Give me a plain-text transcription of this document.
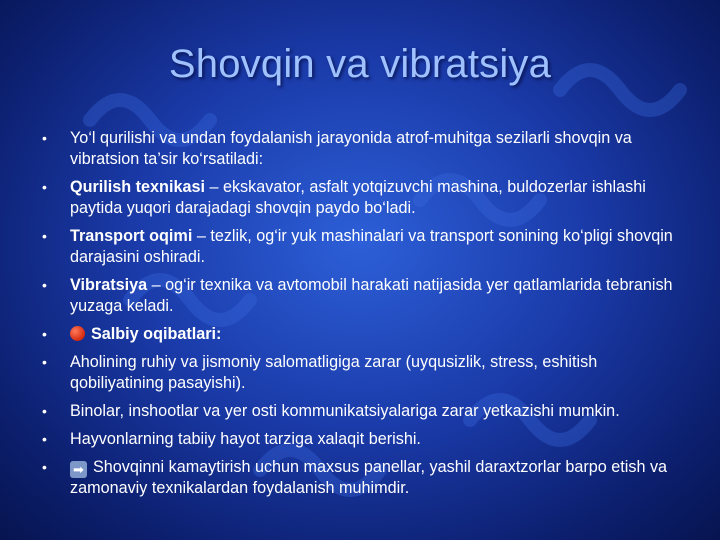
Shovqin va vibratsiya
• Yo‘l qurilishi va undan foydalanish jarayonida atrof-muhitga sezilarli shovqin va vibratsion ta’sir ko‘rsatiladi:
• Qurilish texnikasi – ekskavator, asfalt yotqizuvchi mashina, buldozerlar ishlashi paytida yuqori darajadagi shovqin paydo bo‘ladi.
• Transport oqimi – tezlik, og‘ir yuk mashinalari va transport sonining ko‘pligi shovqin darajasini oshiradi.
• Vibratsiya – og‘ir texnika va avtomobil harakati natijasida yer qatlamlarida tebranish yuzaga keladi.
•	Salbiy oqibatlari:
• Aholining ruhiy va jismoniy salomatligiga zarar (uyqusizlik, stress, eshitish qobiliyatining pasayishi).
• Binolar, inshootlar va yer osti kommunikatsiyalariga zarar yetkazishi mumkin.
• Hayvonlarning tabiiy hayot tarziga xalaqit berishi.
• ➡ Shovqinni kamaytirish uchun maxsus panellar, yashil daraxtzorlar barpo etish va zamonaviy texnikalardan foydalanish muhimdir.
